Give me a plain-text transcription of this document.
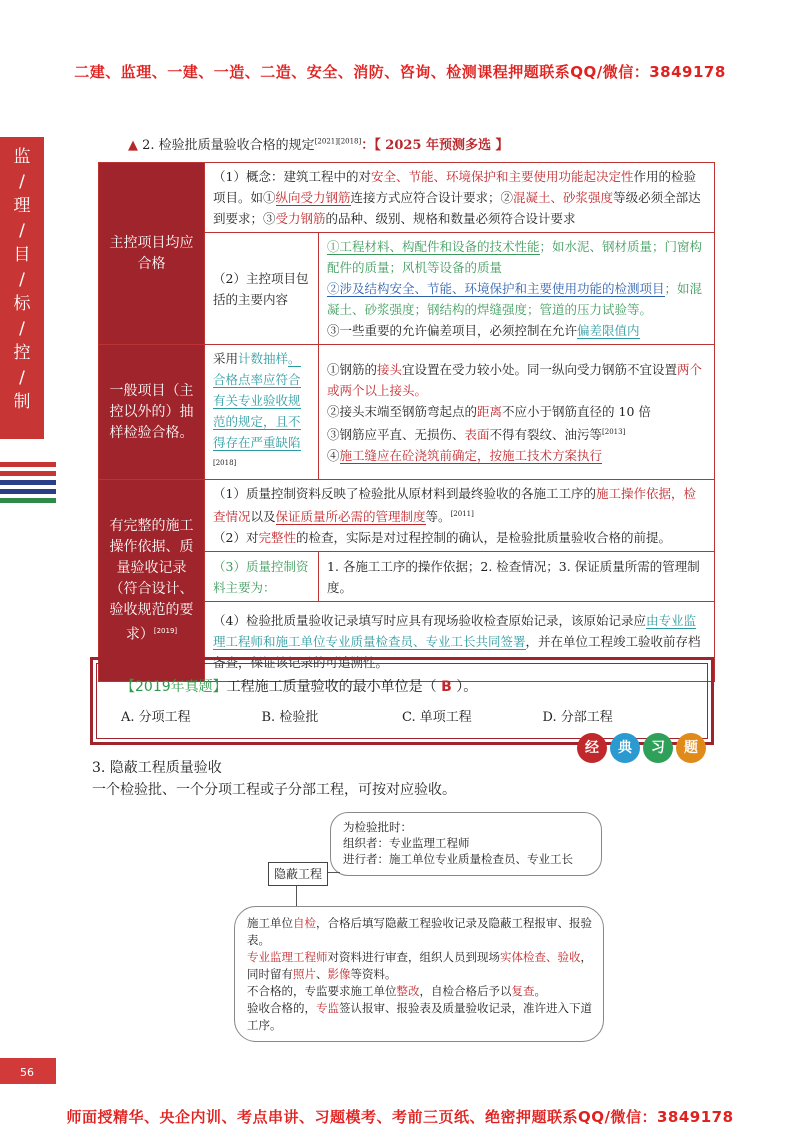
二建、监理、一建、一造、二造、安全、消防、咨询、检测课程押题联系QQ/微信：3849178
监
/
理
/
目
/
标
/
控
/
制
▲ 2. 检验批质量验收合格的规定[2021][2018]：【 2025 年预测多选 】
主控项目均应合格	（1）概念：建筑工程中的对安全、节能、环境保护和主要使用功能起决定性作用的检验项目。如①纵向受力钢筋连接方式应符合设计要求；②混凝土、砂浆强度等级必须全部达到要求；③受力钢筋的品种、级别、规格和数量必须符合设计要求	
	（2）主控项目包括的主要内容	①工程材料、构配件和设备的技术性能；如水泥、钢材质量；门窗构配件的质量；风机等设备的质量
②涉及结构安全、节能、环境保护和主要使用功能的检测项目；如混凝土、砂浆强度；钢结构的焊缝强度；管道的压力试验等。
③一些重要的允许偏差项目，必须控制在允许偏差限值内

一般项目（主控以外的）抽样检验合格。	采用计数抽样。合格点率应符合有关专业验收规范的规定，且不得存在严重缺陷[2018]	①钢筋的接头宜设置在受力较小处。同一纵向受力钢筋不宜设置两个或两个以上接头。
②接头末端至钢筋弯起点的距离不应小于钢筋直径的 10 倍
③钢筋应平直、无损伤、表面不得有裂纹、油污等[2013]
④施工缝应在砼浇筑前确定，按施工技术方案执行

有完整的施工操作依据、质量验收记录（符合设计、验收规范的要求）[2019]	（1）质量控制资料反映了检验批从原材料到最终验收的各施工工序的施工操作依据，检查情况以及保证质量所必需的管理制度等。[2011]
（2）对完整性的检查，实际是对过程控制的确认，是检验批质量验收合格的前提。	

	（3）质量控制资料主要为：	1. 各施工工序的操作依据；2. 检查情况；3. 保证质量所需的管理制度。
	（4）检验批质量验收记录填写时应具有现场验收检查原始记录，该原始记录应由专业监理工程师和施工单位专业质量检查员、专业工长共同签署，并在单位工程竣工验收前存档备查，保证该记录的可追溯性。	
【2019年真题】工程施工质量验收的最小单位是（ B ）。
A. 分项工程	B. 检验批	C. 单项工程	D. 分部工程
经	典	习	题
3. 隐蔽工程质量验收
一个检验批、一个分项工程或子分部工程，可按对应验收。
为检验批时：
组织者：专业监理工程师
进行者：施工单位专业质量检查员、专业工长
隐蔽工程
施工单位自检，合格后填写隐蔽工程验收记录及隐蔽工程报审、报验表。
专业监理工程师对资料进行审查，组织人员到现场实体检查、验收，同时留有照片、影像等资料。
不合格的，专监要求施工单位整改，自检合格后予以复查。
验收合格的，专监签认报审、报验表及质量验收记录，准许进入下道工序。
56
师面授精华、央企内训、考点串讲、习题模考、考前三页纸、绝密押题联系QQ/微信：3849178
